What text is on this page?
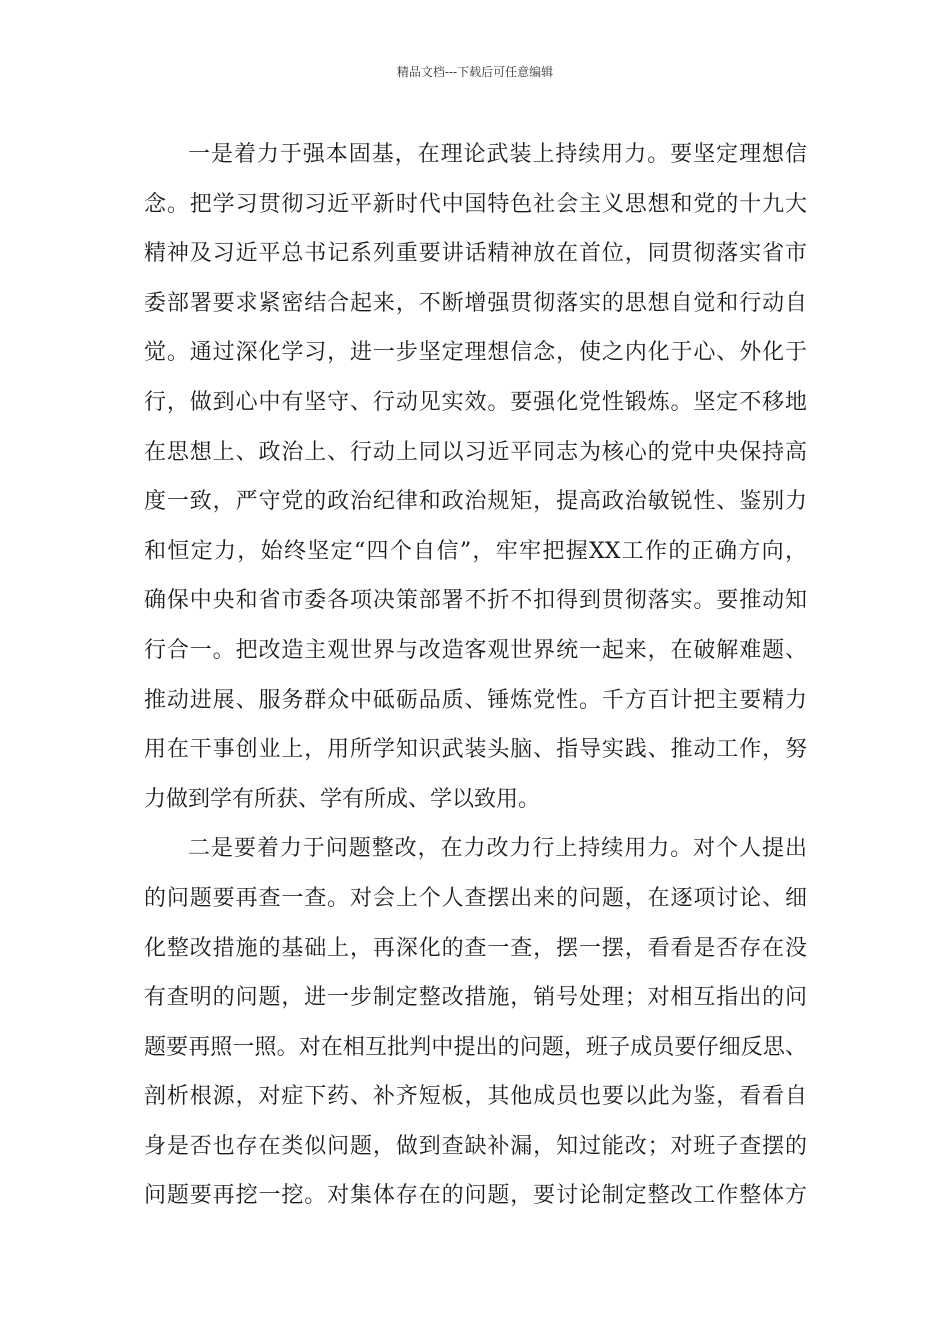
精品文档---下载后可任意编辑
一是着力于强本固基，在理论武装上持续用力。要坚定理想信
念。把学习贯彻习近平新时代中国特色社会主义思想和党的十九大
精神及习近平总书记系列重要讲话精神放在首位，同贯彻落实省市
委部署要求紧密结合起来，不断增强贯彻落实的思想自觉和行动自
觉。通过深化学习，进一步坚定理想信念，使之内化于心、外化于
行，做到心中有坚守、行动见实效。要强化党性锻炼。坚定不移地
在思想上、政治上、行动上同以习近平同志为核心的党中央保持高
度一致，严守党的政治纪律和政治规矩，提高政治敏锐性、鉴别力
和恒定力，始终坚定“四个自信”，牢牢把握XX工作的正确方向，
确保中央和省市委各项决策部署不折不扣得到贯彻落实。要推动知
行合一。把改造主观世界与改造客观世界统一起来，在破解难题、
推动进展、服务群众中砥砺品质、锤炼党性。千方百计把主要精力
用在干事创业上，用所学知识武装头脑、指导实践、推动工作，努
力做到学有所获、学有所成、学以致用。
二是要着力于问题整改，在力改力行上持续用力。对个人提出
的问题要再查一查。对会上个人查摆出来的问题，在逐项讨论、细
化整改措施的基础上，再深化的查一查，摆一摆，看看是否存在没
有查明的问题，进一步制定整改措施，销号处理；对相互指出的问
题要再照一照。对在相互批判中提出的问题，班子成员要仔细反思、
剖析根源，对症下药、补齐短板，其他成员也要以此为鉴，看看自
身是否也存在类似问题，做到查缺补漏，知过能改；对班子查摆的
问题要再挖一挖。对集体存在的问题，要讨论制定整改工作整体方
